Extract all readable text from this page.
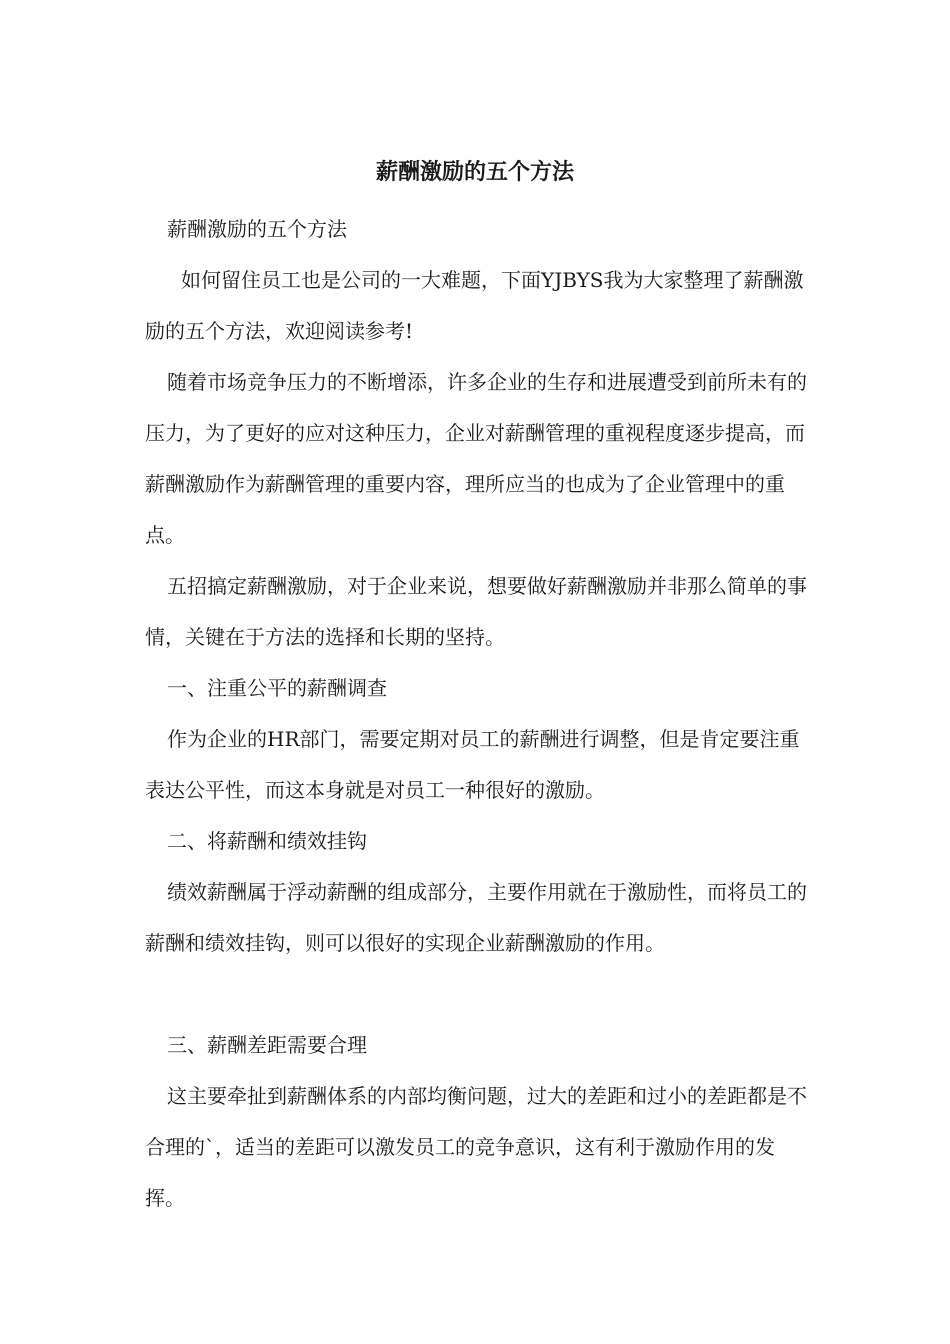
薪酬激励的五个方法

薪酬激励的五个方法

如何留住员工也是公司的一大难题，下面YJBYS我为大家整理了薪酬激励的五个方法，欢迎阅读参考!

随着市场竞争压力的不断增添，许多企业的生存和进展遭受到前所未有的压力，为了更好的应对这种压力，企业对薪酬管理的重视程度逐步提高，而薪酬激励作为薪酬管理的重要内容，理所应当的也成为了企业管理中的重点。

五招搞定薪酬激励，对于企业来说，想要做好薪酬激励并非那么简单的事情，关键在于方法的选择和长期的坚持。

一、注重公平的薪酬调查

作为企业的HR部门，需要定期对员工的薪酬进行调整，但是肯定要注重表达公平性，而这本身就是对员工一种很好的激励。

二、将薪酬和绩效挂钩

绩效薪酬属于浮动薪酬的组成部分，主要作用就在于激励性，而将员工的薪酬和绩效挂钩，则可以很好的实现企业薪酬激励的作用。

三、薪酬差距需要合理

这主要牵扯到薪酬体系的内部均衡问题，过大的差距和过小的差距都是不合理的`，适当的差距可以激发员工的竞争意识，这有利于激励作用的发挥。
